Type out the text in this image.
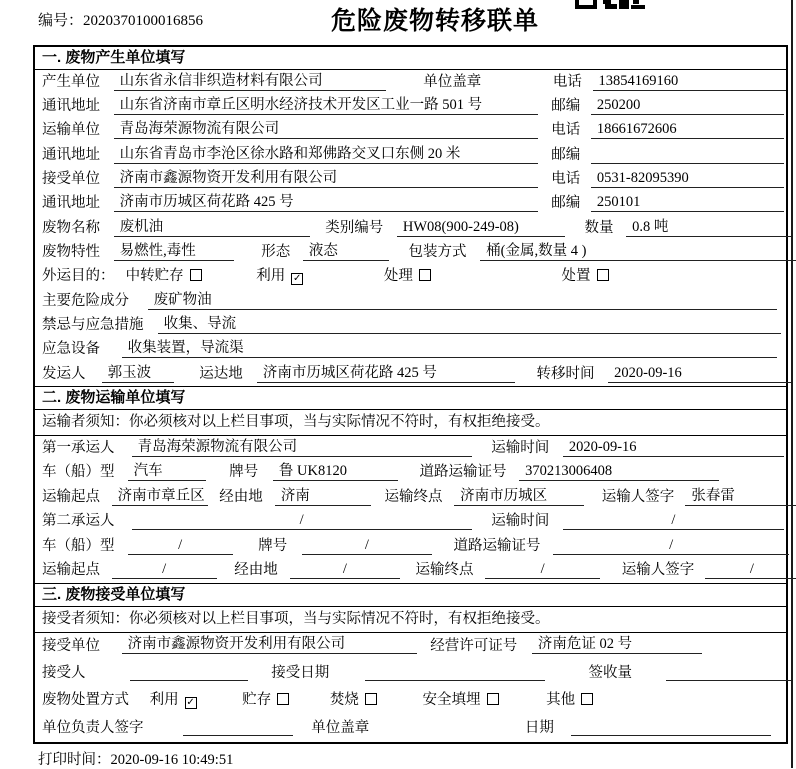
编号：2020370100016856	危险废物转移联单
一. 废物产生单位填写
产生单位 山东省永信非织造材料有限公司	单位盖章	电话 13854169160
通讯地址 山东省济南市章丘区明水经济技术开发区工业一路 501 号	邮编 250200
运输单位 青岛海荣源物流有限公司	电话 18661672606
通讯地址 山东省青岛市李沧区徐水路和郑佛路交叉口东侧 20 米	邮编
接受单位 济南市鑫源物资开发利用有限公司	电话 0531-82095390
通讯地址 济南市历城区荷花路 425 号	邮编 250101
废物名称 废机油	类别编号 HW08(900-249-08)	数量 0.8 吨
废物特性 易燃性,毒性	形态 液态	包装方式 桶(金属,数量 4 )
外运目的： 中转贮存	利用 ✓	处理	处置
主要危险成分 废矿物油
禁忌与应急措施 收集、导流
应急设备 收集装置，导流渠
发运人 郭玉波	运达地 济南市历城区荷花路 425 号	转移时间 2020-09-16
二. 废物运输单位填写
运输者须知：你必须核对以上栏目事项，当与实际情况不符时，有权拒绝接受。
第一承运人 青岛海荣源物流有限公司	运输时间 2020-09-16
车（船）型 汽车	牌号 鲁 UK8120	道路运输证号 370213006408
运输起点 济南市章丘区 经由地 济南	运输终点 济南市历城区	运输人签字 张春雷
第二承运人	/	运输时间	/
车（船）型	/	牌号	/	道路运输证号	/
运输起点	/	经由地	/	运输终点	/	运输人签字	/
三. 废物接受单位填写
接受者须知：你必须核对以上栏目事项，当与实际情况不符时，有权拒绝接受。
接受单位 济南市鑫源物资开发利用有限公司	经营许可证号 济南危证 02 号
接受人	接受日期	签收量
废物处置方式 利用 ✓	贮存	焚烧	安全填埋	其他
单位负责人签字	单位盖章	日期
打印时间：2020-09-16 10:49:51
